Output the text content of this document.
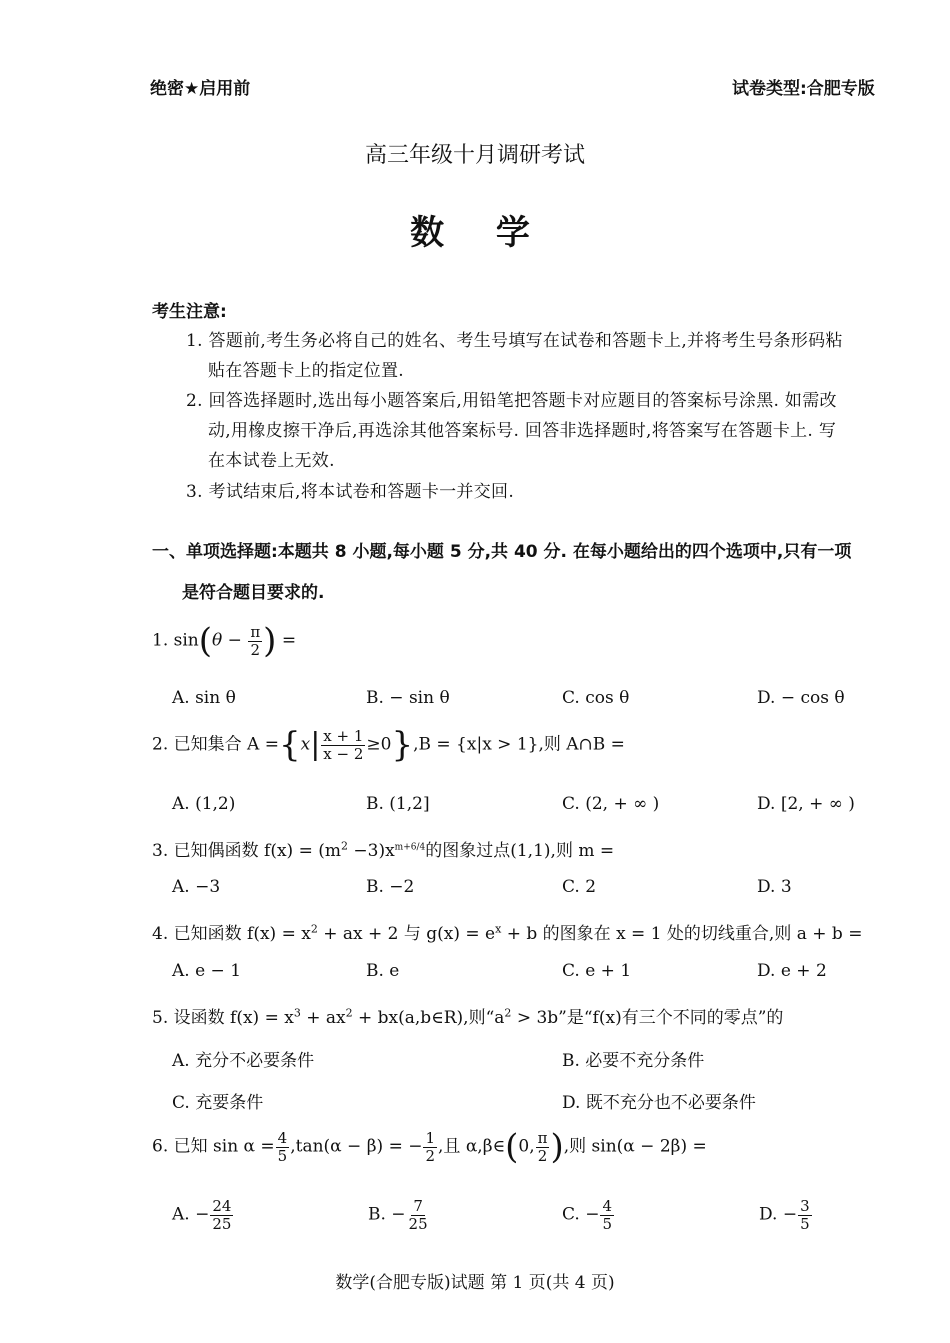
绝密★启用前	试卷类型:合肥专版
高三年级十月调研考试
数 学
考生注意:
1. 答题前,考生务必将自己的姓名、考生号填写在试卷和答题卡上,并将考生号条形码粘
贴在答题卡上的指定位置.
2. 回答选择题时,选出每小题答案后,用铅笔把答题卡对应题目的答案标号涂黑. 如需改
动,用橡皮擦干净后,再选涂其他答案标号. 回答非选择题时,将答案写在答题卡上. 写
在本试卷上无效.
3. 考试结束后,将本试卷和答题卡一并交回.
一、单项选择题:本题共 8 小题,每小题 5 分,共 40 分. 在每小题给出的四个选项中,只有一项
是符合题目要求的.
1. $\sin(\theta - \frac{\pi}{2}$ ) =
A. sin θ	B. − sin θ	C. cos θ	D. − cos θ
2. 已知集合 $A =\{x| \frac{x + 1}{x - 2} \ge 0\},B = \{x|x > 1\}$,则 A∩B =
A. (1,2)	B. (1,2]	C. (2, + ∞ )	D. [2, + ∞ )
3. 已知偶函数 $f(x) = (m^2 -3)x^{m+6/4}$的图象过点(1,1),则 m =
A. −3	B. −2	C. 2	D. 3
4. 已知函数 $f(x) = x^2$ + ax + 2 与 $g(x) = e^x + b$ 的图象在 x = 1 处的切线重合,则 a + b =
A. e − 1	B. e	C. e + 1	D. e + 2
5. 设函数 $f(x) = x^3 + ax^2$ + bx(a,b∈R),则“$a^2 > 3b$”是“f(x)有三个不同的零点”的
A. 充分不必要条件	B. 必要不充分条件
C. 充要条件	D. 既不充分也不必要条件
6. 已知 $\sin \alpha = \frac{4}{5} ,\tan(\alpha - \beta)$ = − $\frac{1}{2}$ ,且 α,β∈(0, $\frac{\pi}{2}$ ),则 sin(α − 2β) =
A. − $\frac{24}{25}$	B. − $\frac{7}{25}$	C. − $\frac{4}{5}$	D. − $\frac{3}{5}$
数学(合肥专版)试题 第 1 页(共 4 页)
